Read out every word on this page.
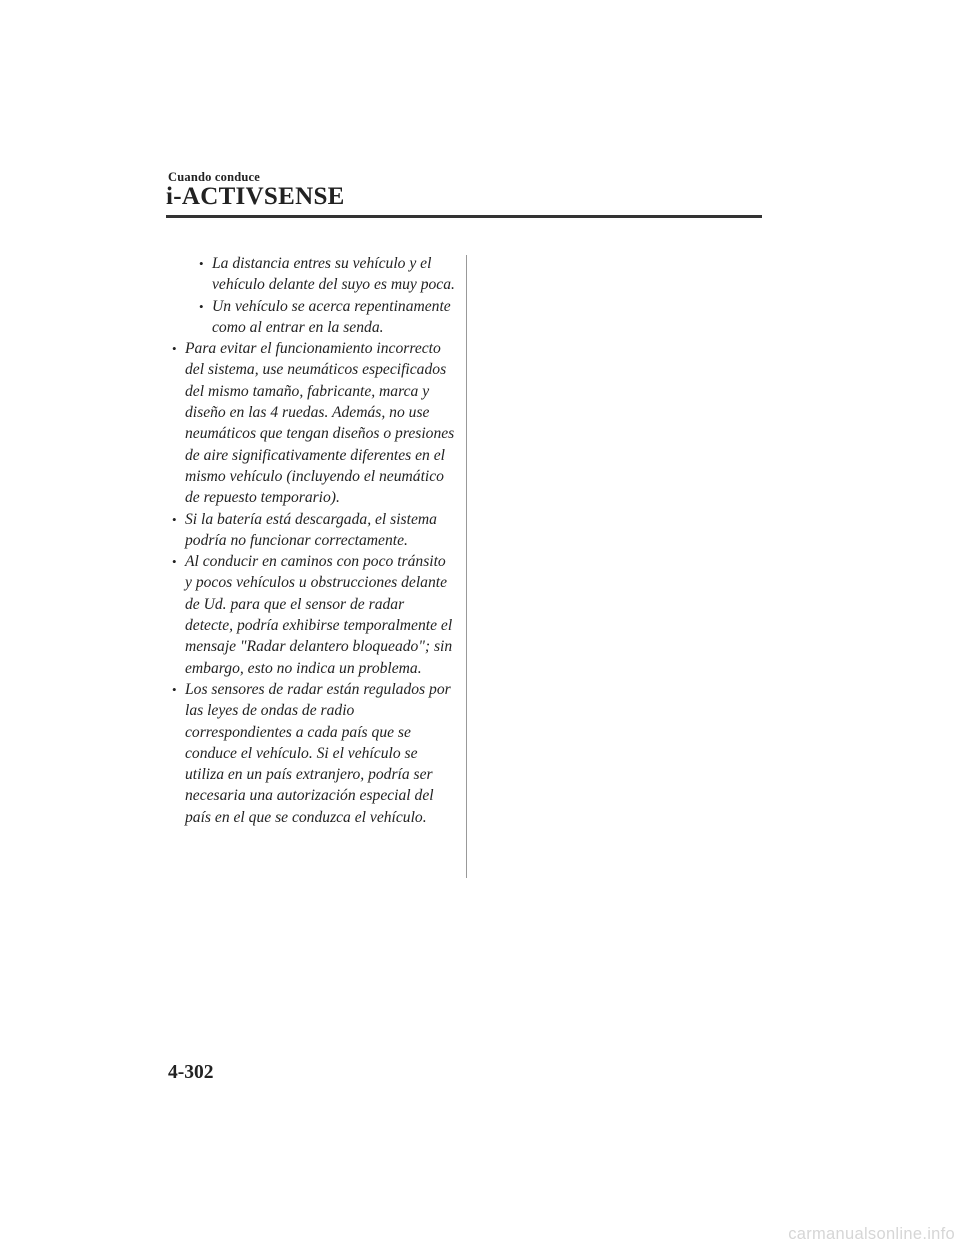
Cuando conduce
i-ACTIVSENSE
• La distancia entres su vehículo y el vehículo delante del suyo es muy poca.
• Un vehículo se acerca repentinamente como al entrar en la senda.
• Para evitar el funcionamiento incorrecto del sistema, use neumáticos especificados del mismo tamaño, fabricante, marca y diseño en las 4 ruedas. Además, no use neumáticos que tengan diseños o presiones de aire significativamente diferentes en el mismo vehículo (incluyendo el neumático de repuesto temporario).
• Si la batería está descargada, el sistema podría no funcionar correctamente.
• Al conducir en caminos con poco tránsito y pocos vehículos u obstrucciones delante de Ud. para que el sensor de radar detecte, podría exhibirse temporalmente el mensaje "Radar delantero bloqueado"; sin embargo, esto no indica un problema.
• Los sensores de radar están regulados por las leyes de ondas de radio correspondientes a cada país que se conduce el vehículo. Si el vehículo se utiliza en un país extranjero, podría ser necesaria una autorización especial del país en el que se conduzca el vehículo.
4-302
carmanualsonline.info
